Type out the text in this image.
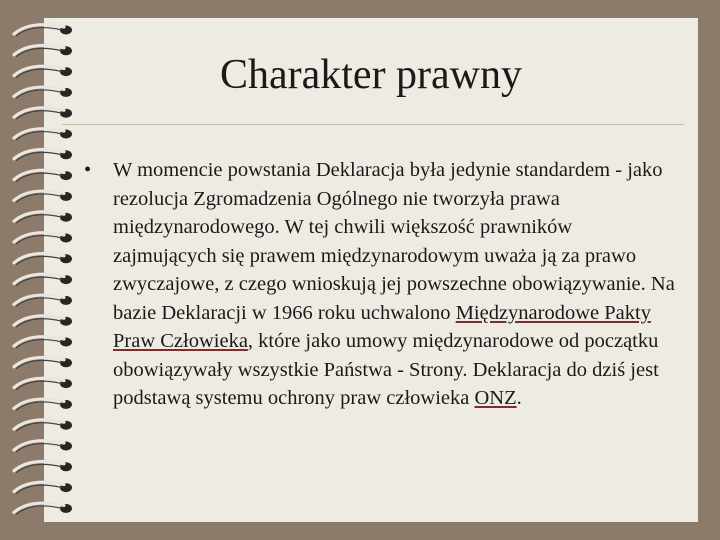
Charakter prawny
• W momencie powstania Deklaracja była jedynie standardem - jako rezolucja Zgromadzenia Ogólnego nie tworzyła prawa międzynarodowego. W tej chwili większość prawników zajmujących się prawem międzynarodowym uważa ją za prawo zwyczajowe, z czego wnioskują jej powszechne obowiązywanie. Na bazie Deklaracji w 1966 roku uchwalono Międzynarodowe Pakty Praw Człowieka, które jako umowy międzynarodowe od początku obowiązywały wszystkie Państwa - Strony. Deklaracja do dziś jest podstawą systemu ochrony praw człowieka ONZ.
